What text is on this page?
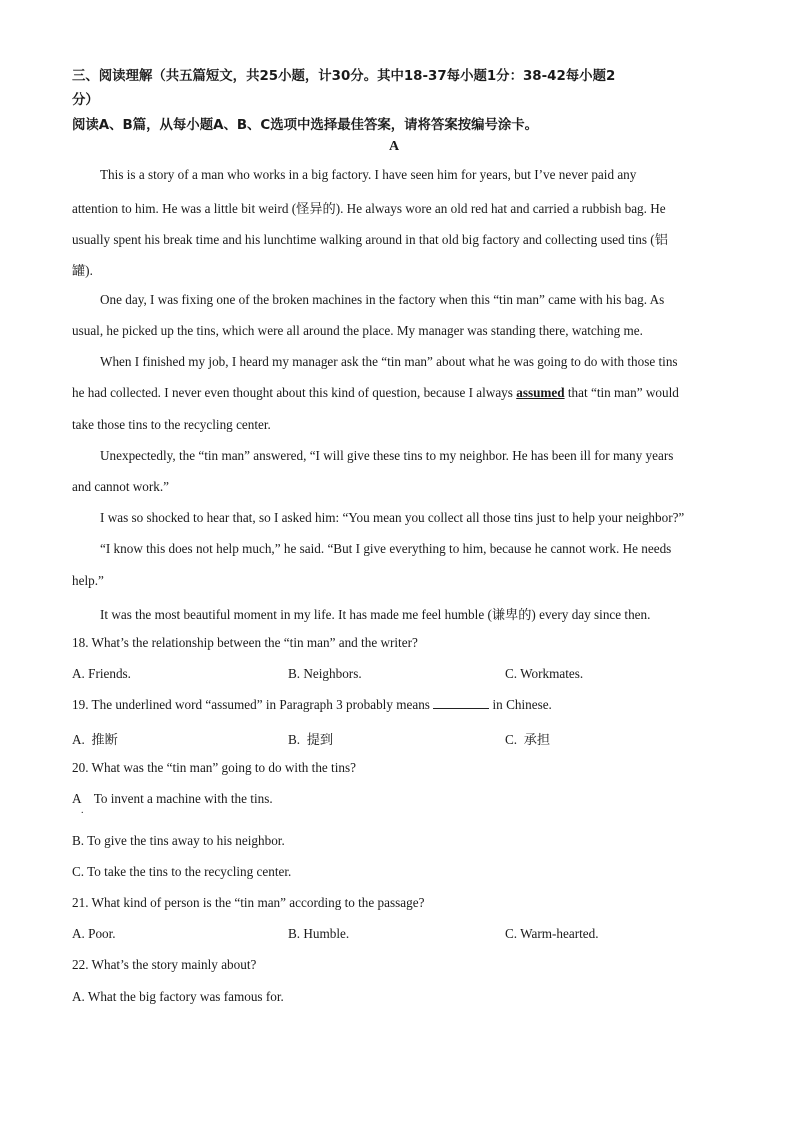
三、阅读理解（共五篇短文，共25小题，计30分。其中18-37每小题1分：38-42每小题2
分）
阅读A、B篇，从每小题A、B、C选项中选择最佳答案，请将答案按编号涂卡。
A
This is a story of a man who works in a big factory. I have seen him for years, but I’ve never paid any
attention to him. He was a little bit weird (怪异的). He always wore an old red hat and carried a rubbish bag. He
usually spent his break time and his lunchtime walking around in that old big factory and collecting used tins (铝
罐).
One day, I was fixing one of the broken machines in the factory when this “tin man” came with his bag. As
usual, he picked up the tins, which were all around the place. My manager was standing there, watching me.
When I finished my job, I heard my manager ask the “tin man” about what he was going to do with those tins
he had collected. I never even thought about this kind of question, because I always assumed that “tin man” would
take those tins to the recycling center.
Unexpectedly, the “tin man” answered, “I will give these tins to my neighbor. He has been ill for many years
and cannot work.”
I was so shocked to hear that, so I asked him: “You mean you collect all those tins just to help your neighbor?”
“I know this does not help much,” he said. “But I give everything to him, because he cannot work. He needs
help.”
It was the most beautiful moment in my life. It has made me feel humble (谦卑的) every day since then.
18. What’s the relationship between the “tin man” and the writer?
A. Friends.	B. Neighbors.	C. Workmates.
19. The underlined word “assumed” in Paragraph 3 probably means	in Chinese.
A. 推断	B. 提到	C. 承担
20. What was the “tin man” going to do with the tins?
A    To invent a machine with the tins.
.
B. To give the tins away to his neighbor.
C. To take the tins to the recycling center.
21. What kind of person is the “tin man” according to the passage?
A. Poor.	B. Humble.	C. Warm-hearted.
22. What’s the story mainly about?
A. What the big factory was famous for.
